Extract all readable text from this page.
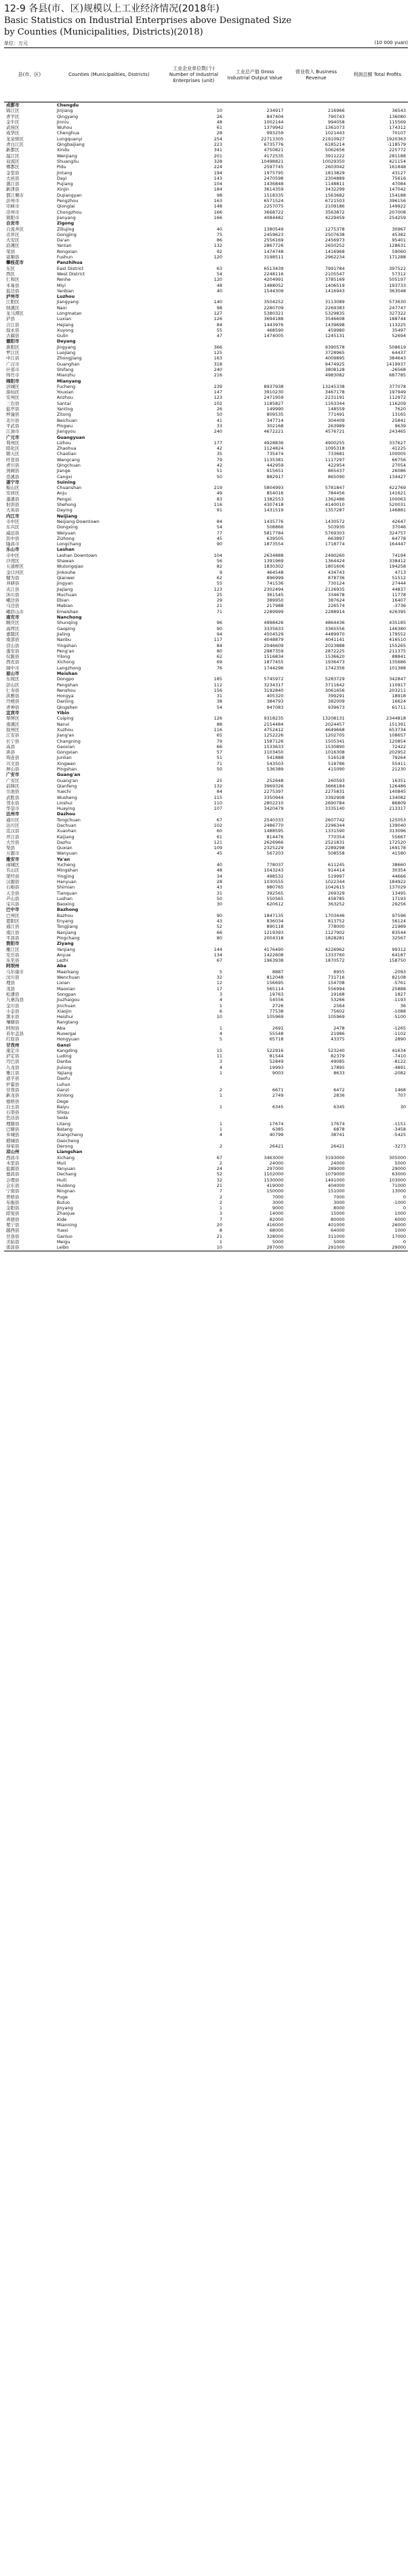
12-9 各县(市、区)规模以上工业经济情况(2018年)
Basic Statistics on Industrial Enterprises above Designated Size
by Counties (Municipalities, Districts)(2018)
单位：万元	(10 000 yuan)
县(市、区)	Counties (Municipalities, Districts)	工业企业单位数(个) Number of Industrial Enterprises (unit)	工业总产值 Gross Industrial Output Value	营业收入 Business Revenue	利润总额 Total Profits
成都市	Chengdu				
锦江区	Jinjiang	10	234917	216966	36543
青羊区	Qingyang	26	847404	790743	136080
金牛区	Jinniu	48	1002144	994058	115569
武侯区	Wuhou	61	1379942	1361073	174312
成华区	Chenghua	28	993259	1021443	70107
龙泉驿区	Longquanyi	254	22713305	21910927	1920363
青白江区	Qingbaijiang	223	6735776	6185214	-118579
新都区	Xindu	341	4750821	5062656	225772
温江区	Wenjiang	201	4172535	3911222	281188
双流区	Shuangliu	328	10498821	10029350	421154
郫都区	Pidu	224	2597745	2603042	161848
金堂县	Jintang	194	1975795	1813829	43127
大邑县	Dayi	143	2470598	2304889	75616
蒲江县	Pujiang	104	1436848	1148811	47084
新津县	Xinjin	184	3614359	3432299	147042
都江堰市	Dujiangyan	98	1518335	1563682	154188
彭州市	Pengzhou	163	6571524	6721503	396156
邛崃市	Qionglai	148	2257075	2109186	149922
崇州市	Chongzhou	166	3668722	3563872	207008
简阳市	Jianyang	166	4084482	4229459	254259
自贡市	Zigong				
自流井区	Ziliujing	40	1380549	1275378	30967
贡井区	Gongjing	75	2459623	2507638	45382
大安区	Da'an	86	2556169	2456973	95401
沿滩区	Yantan	132	2867726	2650252	128631
荣县	Rongxian	92	1474748	1416968	59060
富顺县	Fushun	120	3198511	2962234	171288
攀枝花市	Panzhihua				
东区	East District	63	6513439	7991784	397522
西区	West District	54	2248116	2105547	57312
仁和区	Renhe	120	4204991	3785169	505197
米易县	Miyi	48	1488052	1406519	193733
盐边县	Yanbian	40	1544309	1416943	363048
泸州市	Luzhou				
江阳区	Jiangyang	140	3504252	3113089	573630
纳溪区	Naxi	98	2280709	2269383	247747
龙马潭区	Longmatan	127	5380321	5329835	327322
泸县	Luxian	126	3694188	3546608	188744
合江县	Hejiang	84	1443976	1439698	113225
叙永县	Xuyong	55	468590	459980	35497
古蔺县	Gulin	47	1474005	1245131	52694
德阳市	Deyang				
旌阳区	Jingyang	366		9390578	508619
罗江区	Luojiang	125		3728965	64437
中江县	Zhongjiang	163		4009895	384643
广汉市	Guanghan	318		9474925	1419937
什邡市	Shifang	240		3808128	-26568
绵竹市	Mianzhu	216		4983082	687785
绵阳市	Mianyang				
涪城区	Fucheng	239	8937938	13245338	377078
游仙区	Youxian	147	3910230	3467178	197949
安州区	Anzhou	123	2471959	2231191	112972
三台县	Santai	102	1185827	1163344	116209
盐亭县	Yanting	26	149990	148559	7620
梓潼县	Zitong	50	809535	771491	13165
北川县	Beichuan	41	347714	304409	25841
平武县	Pingwu	33	302168	263989	9639
江油市	Jiangyou	240	4672221	4576721	243465
广元市	Guangyuan				
利州区	Lizhou	177	4928836	4900255	337627
昭化区	Zhaohua	42	1124824	1095318	41225
朝天区	Chaotian	35	735474	733681	100005
旺苍县	Wangcang	79	1135381	1117297	66756
青川县	Qingchuan	42	442959	422954	27054
剑阁县	Jiange	51	915651	865437	26086
苍溪县	Cangxi	50	882917	865090	134427
遂宁市	Suining				
船山区	Chuanshan	219	5804993	5781847	422769
安居区	Anju	49	854016	784456	141621
蓬溪县	Pengxi	83	1382553	1362486	100063
射洪县	Shehong	116	4307418	4140010	520031
大英县	Daying	91	1431519	1357287	146881
内江市	Neijiang				
市中区	Neijiang Downtown	84	1435776	1430572	42647
东兴区	Dongxing	54	508866	503930	37046
威远县	Weiyuan	77	5817784	5769303	324757
资中县	Zizhong	45	639505	663897	64778
隆昌市	Longchang	90	1873554	1718774	164447
乐山市	Leshan				
市中区	Leshan Downtown	104	2634888	2490260	74194
沙湾区	Shawan	56	1391969	1364424	338412
五通桥区	Wutongqiao	82	1830302	1801606	194258
金口河区	Jinkouhe	9	464548	434743	4713
犍为县	Qianwei	62	896999	878736	51512
井研县	Jingyan	55	741536	730124	27444
夹江县	Jiajiang	123	2302494	2126935	44837
沐川县	Muchuan	25	361545	334678	11778
峨边县	Ebian	29	389950	387624	16407
马边县	Mabian	21	217988	226574	-3736
峨眉山市	Emeishan	71	2289999	2288914	426395
南充市	Nanchong				
顺庆区	Shunqing	96	4998426	4864436	435185
高坪区	Gaoping	90	3335633	3365556	146380
嘉陵区	Jialing	94	4504529	4489970	179552
南部县	Nanbu	117	4048879	4041141	416510
营山县	Yingshan	84	2046609	2023888	155265
蓬安县	Peng'an	80	2987359	2872225	211375
仪陇县	Yilong	62	1516834	1536620	88841
西充县	Xichong	69	1877455	1936473	135686
阆中市	Langzhong	76	1744296	1742356	101388
眉山市	Meishan				
东坡区	Dongpo	185	5745972	5283729	342847
彭山区	Pengshan	112	3234317	3711642	110917
仁寿县	Renshou	156	3192840	3061656	203211
洪雅县	Hongya	31	405320	399291	18918
丹棱县	Danling	38	384793	382009	16624
青神县	Qingshen	54	947083	939673	61711
宜宾市	Yibin				
翠屏区	Cuiping	126	9318235	13208131	2344818
南溪区	Nanxi	88	2154484	2024457	151391
叙州区	Xuzhou	116	4752412	4649668	653734
江安县	Jiang'an	65	1252226	1202705	108657
长宁县	Changning	79	1587126	1505341	120854
高县	Gaoxian	66	1533633	1530890	72422
珙县	Gongxian	57	1103450	1016308	202952
筠连县	Junlian	51	541888	516528	79264
兴文县	Xingwen	71	543503	518786	55411
屏山县	Pingshan	50	536389	415090	21230
广安市	Guang'an				
广安区	Guang'an	25	252648	260593	16351
前锋区	Qianfeng	132	3969326	3666184	126486
岳池县	Yuechi	84	2275397	2275831	140845
武胜县	Wusheng	115	3350944	3392908	134082
邻水县	Linshui	110	2802210	2690784	86809
华蓥市	Huaying	107	3420479	3335140	213317
达州市	Dazhou				
通川区	Tongchuan	67	2540333	2607742	125053
达川区	Dachuan	102	2486770	2296344	139040
宣汉县	Xuanhan	60	1488595	1331590	313096
开江县	Kaijiang	61	814476	770354	55667
大竹县	Dazhu	121	2626966	2521831	172520
渠县	Quxian	109	2325229	2289298	169178
万源市	Wanyuan	45	567203	508558	41580
雅安市	Ya'an				
雨城区	Yucheng	40	778037	611245	38660
名山区	Mingshan	48	1043243	914414	30354
荥经县	Yingjing	34	498532	519997	44666
汉源县	Hanyuan	28	1030555	1022344	184922
石棉县	Shimian	43	980765	1042615	137029
天全县	Tianquan	31	392565	269329	13495
芦山县	Lushan	50	550565	458785	17193
宝兴县	Baoxing	30	620612	363252	29256
巴中市	Bazhong				
巴州区	Bazhou	90	1847135	1703446	97596
恩阳区	Enyang	43	836034	813752	56124
通江县	Tongjiang	52	890118	778000	21989
南江县	Nanjiang	66	1219393	1127902	83544
平昌县	Pingchang	80	2004318	1828281	32567
资阳市	Ziyang				
雁江区	Yanjiang	144	4176490	4226962	99312
安岳县	Anyue	134	1422608	1333760	64187
乐至县	Lezhi	67	1963938	1870572	158750
阿坝州	Aba				
马尔康市	Maerkang	5	8887	8955	-2093
汶川县	Wenchuan	32	812048	731716	82108
理县	Lixian	12	156695	154708	-5761
茂县	Maoxian	17	565114	556994	25888
松潘县	Songpan	3	19763	19168	1827
九寨沟县	Jiuzhaigou	4	54556	53266	-1193
金川县	Jinchuan	1	2726	2564	36
小金县	Xiaojin	6	77538	75602	-1088
黑水县	Heishui	10	105969	105969	-5100
壤塘县	Rangtang				
阿坝县	Aba	1	2691	2478	-1265
若尔盖县	Ruoergai	4	55548	21986	-1102
红原县	Hongyuan	5	65718	43375	2890
甘孜州	Ganzi				
康定市	Kangding	15	522916	523240	41634
泸定县	Luding	11	81544	82379	-7410
丹巴县	Danba	3	52849	49085	-8122
九龙县	Jiulong	4	19993	17895	-4891
雅江县	Yajiang	1	9003	8633	-2082
道孚县	Daofu				
炉霍县	Luhuo				
甘孜县	Ganzi	2	6671	6472	1468
新龙县	Xinlong	1	2749	2836	707
德格县	Dege				
白玉县	Baiyu	1	6345	6345	30
石渠县	Shiqu				
色达县	Seda				
理塘县	Litang	1	17674	17674	-1151
巴塘县	Batang	1	6385	6878	-3458
乡城县	Xiangcheng	4	40799	38741	-5425
稻城县	Daocheng				
得荣县	Derong	2	26421	26421	-3273
凉山州	Liangshan				
西昌市	Xichang	67	3463000	3193000	305000
木里县	Muli	2	24000	24000	5000
盐源县	Yanyuan	24	297000	289000	29000
德昌县	Dechang	52	1102000	1079000	63000
会理县	Huili	32	1530000	1491000	103000
会东县	Huidong	21	419000	404000	71000
宁南县	Ningnan	7	150000	151000	13000
普格县	Puge	2	7000	7000	0
布拖县	Butuo	2	3000	3000	-1000
金阳县	Jinyang	1	9000	8000	0
昭觉县	Zhaojue	3	14000	15000	1000
喜德县	Xide	7	82000	80000	6000
冕宁县	Mianning	20	416000	401000	26000
越西县	Yuexi	8	68000	64000	1000
甘洛县	Ganluo	21	328000	311000	17000
美姑县	Meigu	1	5000	5000	0
雷波县	Leibo	10	287000	291000	29000
